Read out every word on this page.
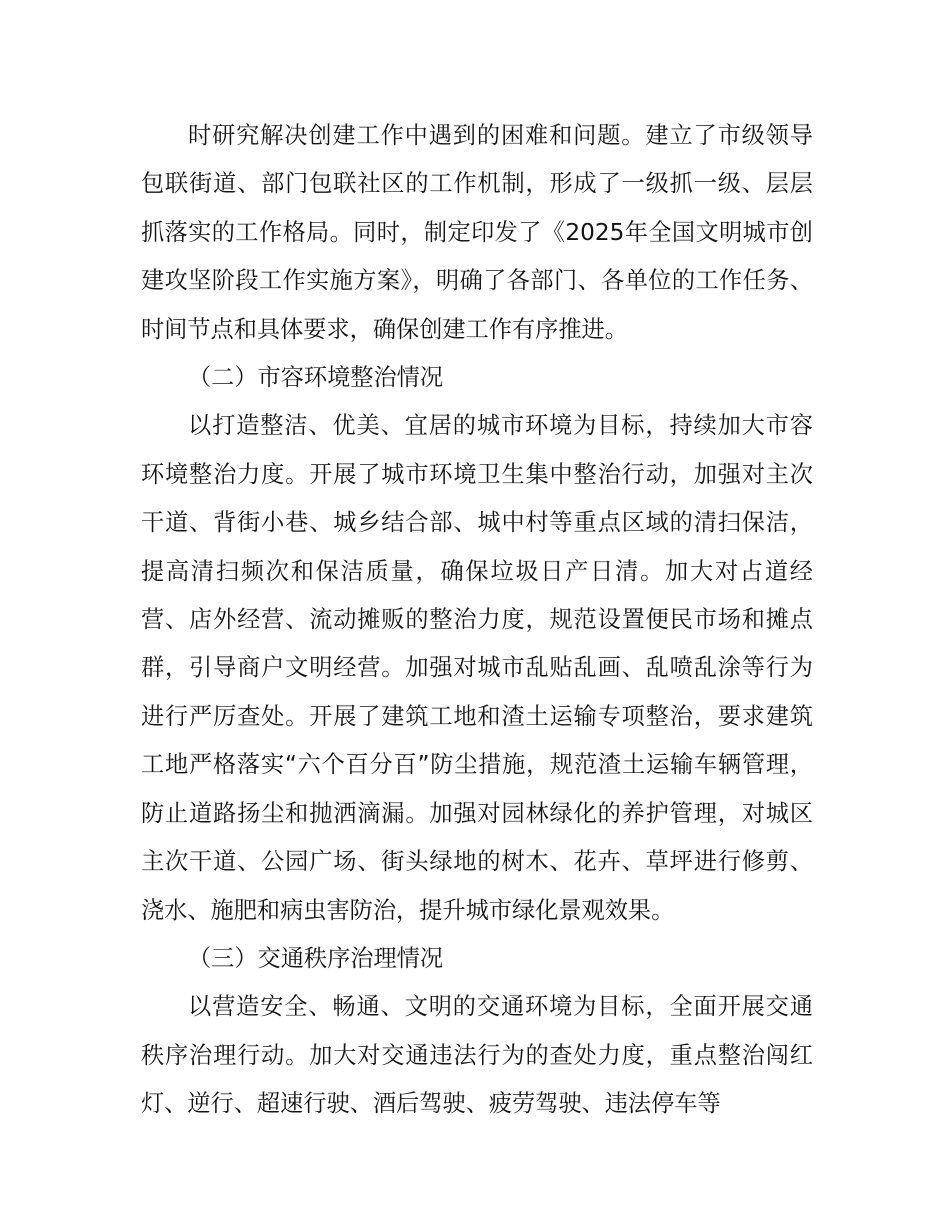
时研究解决创建工作中遇到的困难和问题。建立了市级领导包联街道、部门包联社区的工作机制，形成了一级抓一级、层层抓落实的工作格局。同时，制定印发了《2025年全国文明城市创建攻坚阶段工作实施方案》，明确了各部门、各单位的工作任务、时间节点和具体要求，确保创建工作有序推进。

（二）市容环境整治情况

以打造整洁、优美、宜居的城市环境为目标，持续加大市容环境整治力度。开展了城市环境卫生集中整治行动，加强对主次干道、背街小巷、城乡结合部、城中村等重点区域的清扫保洁，提高清扫频次和保洁质量，确保垃圾日产日清。加大对占道经营、店外经营、流动摊贩的整治力度，规范设置便民市场和摊点群，引导商户文明经营。加强对城市乱贴乱画、乱喷乱涂等行为进行严厉查处。开展了建筑工地和渣土运输专项整治，要求建筑工地严格落实“六个百分百”防尘措施，规范渣土运输车辆管理，防止道路扬尘和抛洒滴漏。加强对园林绿化的养护管理，对城区主次干道、公园广场、街头绿地的树木、花卉、草坪进行修剪、浇水、施肥和病虫害防治，提升城市绿化景观效果。

（三）交通秩序治理情况

以营造安全、畅通、文明的交通环境为目标，全面开展交通秩序治理行动。加大对交通违法行为的查处力度，重点整治闯红灯、逆行、超速行驶、酒后驾驶、疲劳驾驶、违法停车等
